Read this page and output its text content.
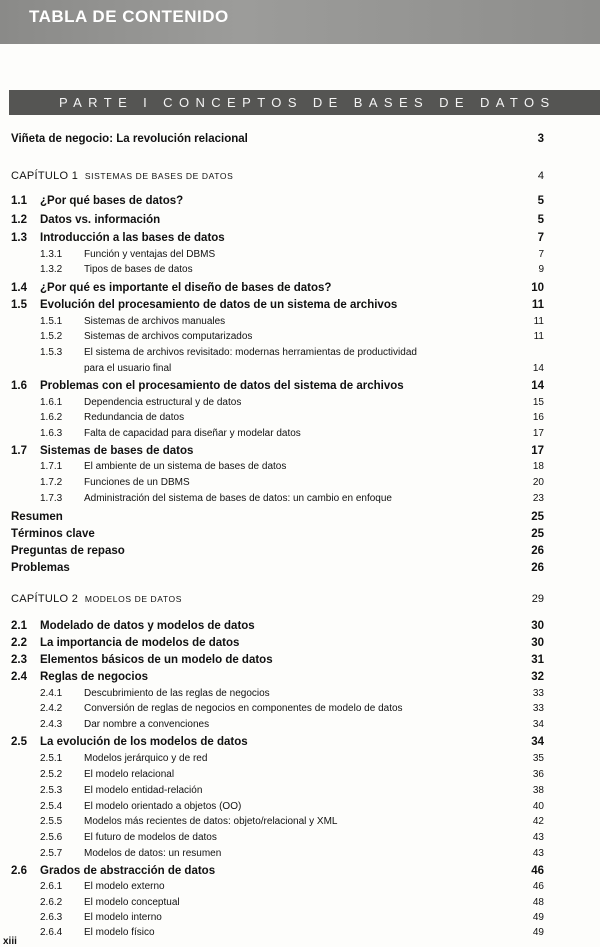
TABLA DE CONTENIDO
PARTE I CONCEPTOS DE BASES DE DATOS
Viñeta de negocio: La revolución relacional	3
CAPÍTULO 1 SISTEMAS DE BASES DE DATOS	4
1.1 ¿Por qué bases de datos?	5
1.2 Datos vs. información	5
1.3 Introducción a las bases de datos	7
1.3.1 Función y ventajas del DBMS	7
1.3.2 Tipos de bases de datos	9
1.4 ¿Por qué es importante el diseño de bases de datos?	10
1.5 Evolución del procesamiento de datos de un sistema de archivos	11
1.5.1 Sistemas de archivos manuales	11
1.5.2 Sistemas de archivos computarizados	11
1.5.3 El sistema de archivos revisitado: modernas herramientas de productividad
para el usuario final	14
1.6 Problemas con el procesamiento de datos del sistema de archivos	14
1.6.1 Dependencia estructural y de datos	15
1.6.2 Redundancia de datos	16
1.6.3 Falta de capacidad para diseñar y modelar datos	17
1.7 Sistemas de bases de datos	17
1.7.1 El ambiente de un sistema de bases de datos	18
1.7.2 Funciones de un DBMS	20
1.7.3 Administración del sistema de bases de datos: un cambio en enfoque	23
Resumen	25
Términos clave	25
Preguntas de repaso	26
Problemas	26
CAPÍTULO 2 MODELOS DE DATOS	29
2.1 Modelado de datos y modelos de datos	30
2.2 La importancia de modelos de datos	30
2.3 Elementos básicos de un modelo de datos	31
2.4 Reglas de negocios	32
2.4.1 Descubrimiento de las reglas de negocios	33
2.4.2 Conversión de reglas de negocios en componentes de modelo de datos	33
2.4.3 Dar nombre a convenciones	34
2.5 La evolución de los modelos de datos	34
2.5.1 Modelos jerárquico y de red	35
2.5.2 El modelo relacional	36
2.5.3 El modelo entidad-relación	38
2.5.4 El modelo orientado a objetos (OO)	40
2.5.5 Modelos más recientes de datos: objeto/relacional y XML	42
2.5.6 El futuro de modelos de datos	43
2.5.7 Modelos de datos: un resumen	43
2.6 Grados de abstracción de datos	46
2.6.1 El modelo externo	46
2.6.2 El modelo conceptual	48
2.6.3 El modelo interno	49
2.6.4 El modelo físico	49
xiii
